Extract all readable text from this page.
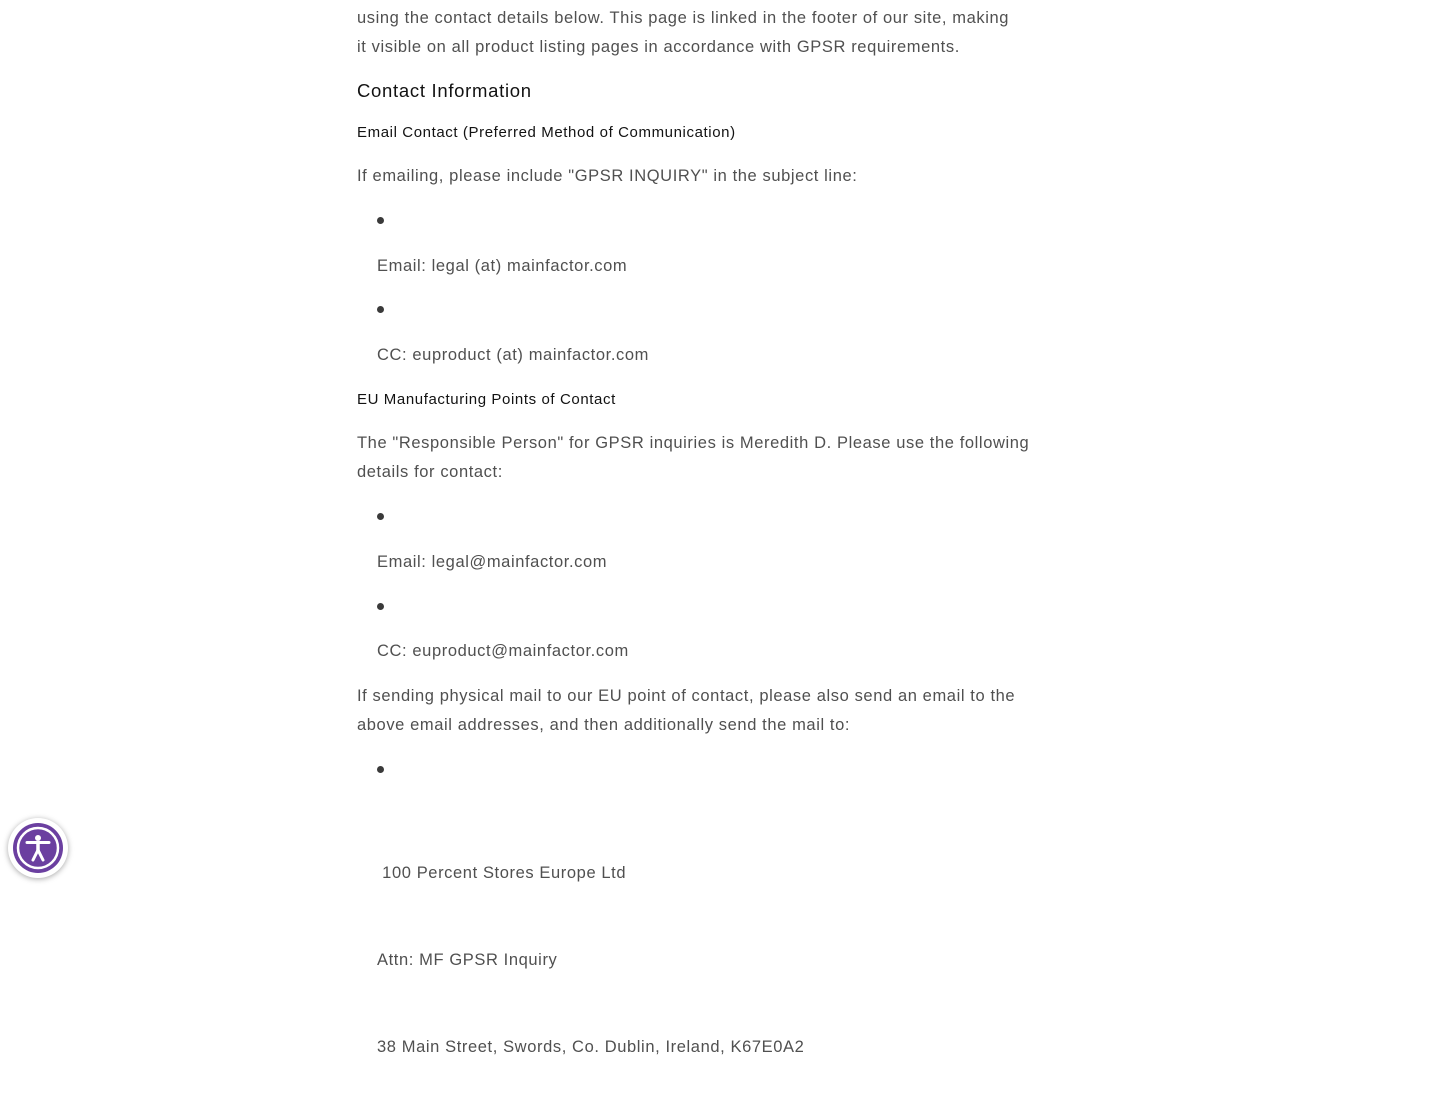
using the contact details below. This page is linked in the footer of our site, making

it visible on all product listing pages in accordance with GPSR requirements.

Contact Information
Email Contact (Preferred Method of Communication)

If emailing, please include "GPSR INQUIRY" in the subject line:

Email: legal (at) mainfactor.com
CC: euproduct (at) mainfactor.com
EU Manufacturing Points of Contact

The "Responsible Person" for GPSR inquiries is Meredith D. Please use the following

details for contact:

Email: legal@mainfactor.com
CC: euproduct@mainfactor.com

If sending physical mail to our EU point of contact, please also send an email to the

above email addresses, and then additionally send the mail to:

100 Percent Stores Europe Ltd

Attn: MF GPSR Inquiry

38 Main Street, Swords, Co. Dublin, Ireland, K67E0A2
